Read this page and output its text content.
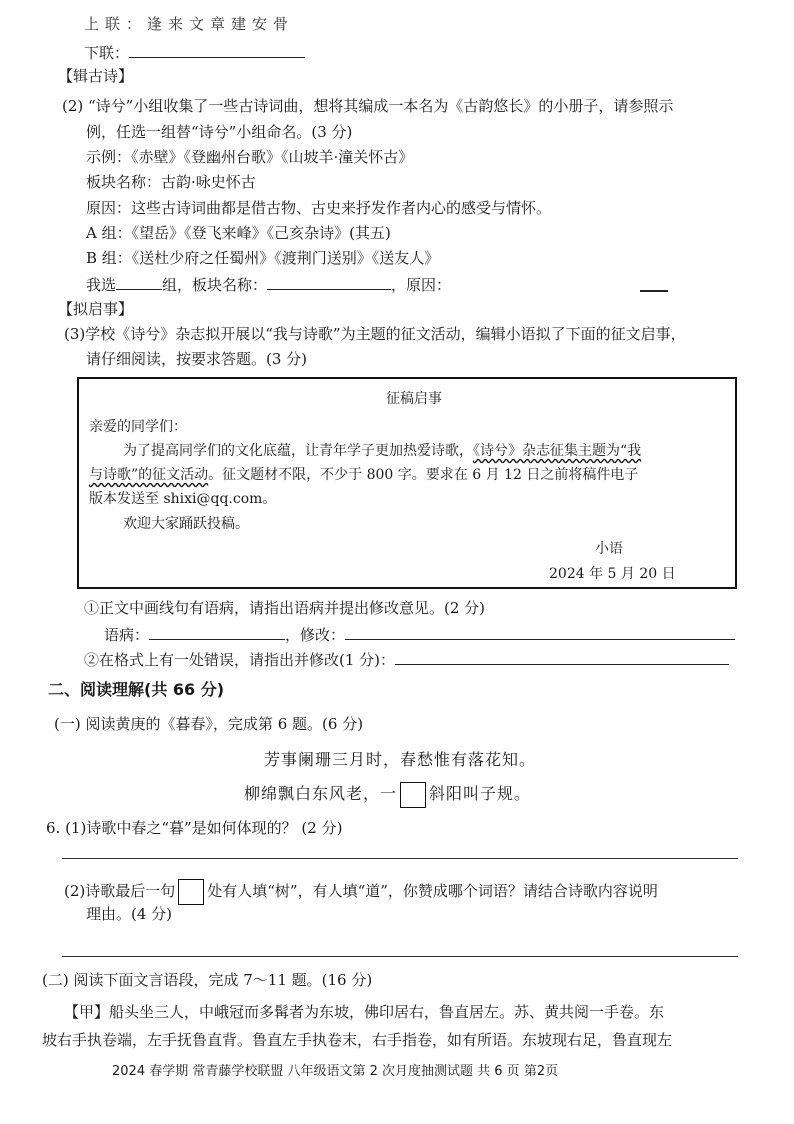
上联：逢来文章建安骨
下联：
【辑古诗】
(2) “诗兮”小组收集了一些古诗词曲，想将其编成一本名为《古韵悠长》的小册子，请参照示
例，任选一组替“诗兮”小组命名。(3 分)
示例：《赤壁》《登幽州台歌》《山坡羊·潼关怀古》
板块名称：古韵·咏史怀古
原因：这些古诗词曲都是借古物、古史来抒发作者内心的感受与情怀。
A 组：《望岳》《登飞来峰》《己亥杂诗》(其五)
B 组：《送杜少府之任蜀州》《渡荆门送别》《送友人》
我选	组，板块名称：	，原因：
【拟启事】
(3)学校《诗兮》杂志拟开展以“我与诗歌”为主题的征文活动，编辑小语拟了下面的征文启事，
请仔细阅读，按要求答题。(3 分)
征稿启事
亲爱的同学们：
为了提高同学们的文化底蕴，让青年学子更加热爱诗歌，《诗兮》杂志征集主题为“我
与诗歌”的征文活动。征文题材不限，不少于 800 字。要求在 6 月 12 日之前将稿件电子
版本发送至 shixi@qq.com。
欢迎大家踊跃投稿。
小语
2024 年 5 月 20 日
①正文中画线句有语病，请指出语病并提出修改意见。(2 分)
语病：	，修改：
②在格式上有一处错误，请指出并修改(1 分)：
二、阅读理解(共 66 分)
(一) 阅读黄庚的《暮春》，完成第 6 题。(6 分)
芳事阑珊三月时，春愁惟有落花知。
柳绵飘白东风老，一 斜阳叫子规。
6. (1)诗歌中春之“暮”是如何体现的？ (2 分)
(2)诗歌最后一句 处有人填“树”，有人填“道”，你赞成哪个词语？请结合诗歌内容说明
理由。(4 分)
(二) 阅读下面文言语段，完成 7～11 题。(16 分)
【甲】船头坐三人，中峨冠而多髯者为东坡，佛印居右，鲁直居左。苏、黄共阅一手卷。东
坡右手执卷端，左手抚鲁直背。鲁直左手执卷末，右手指卷，如有所语。东坡现右足，鲁直现左
2024 春学期 常青藤学校联盟 八年级语文第 2 次月度抽测试题 共 6 页 第2页
